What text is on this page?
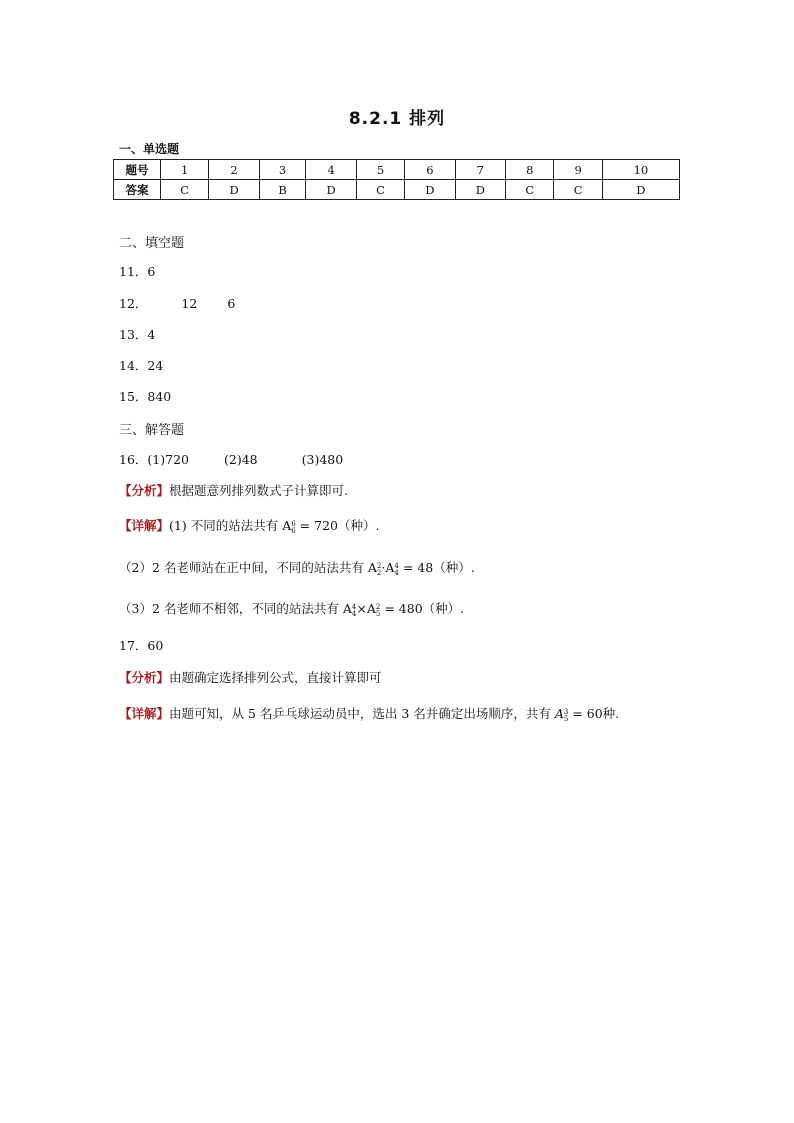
8.2.1 排列
一、单选题
题号	1	2	3	4	5	6	7	8	9	10
答案	C	D	B	D	C	D	D	C	C	D
二、填空题
11．6
12．	12 6
13．4
14．24
15．840
三、解答题
16．(1)720	(2)48	(3)480
【分析】根据题意列排列数式子计算即可.
【详解】(1) 不同的站法共有 A 6
6 = 720（种）.
（2）2 名老师站在正中间，不同的站法共有 A 2
2 ·A 4
4 = 48（种）.
（3）2 名老师不相邻，不同的站法共有 A 4
4 ×A 2
5 = 480（种）.
17．60
【分析】由题确定选择排列公式，直接计算即可
【详解】由题可知，从 5 名乒乓球运动员中，选出 3 名并确定出场顺序，共有 A 3
5 = 60种.
